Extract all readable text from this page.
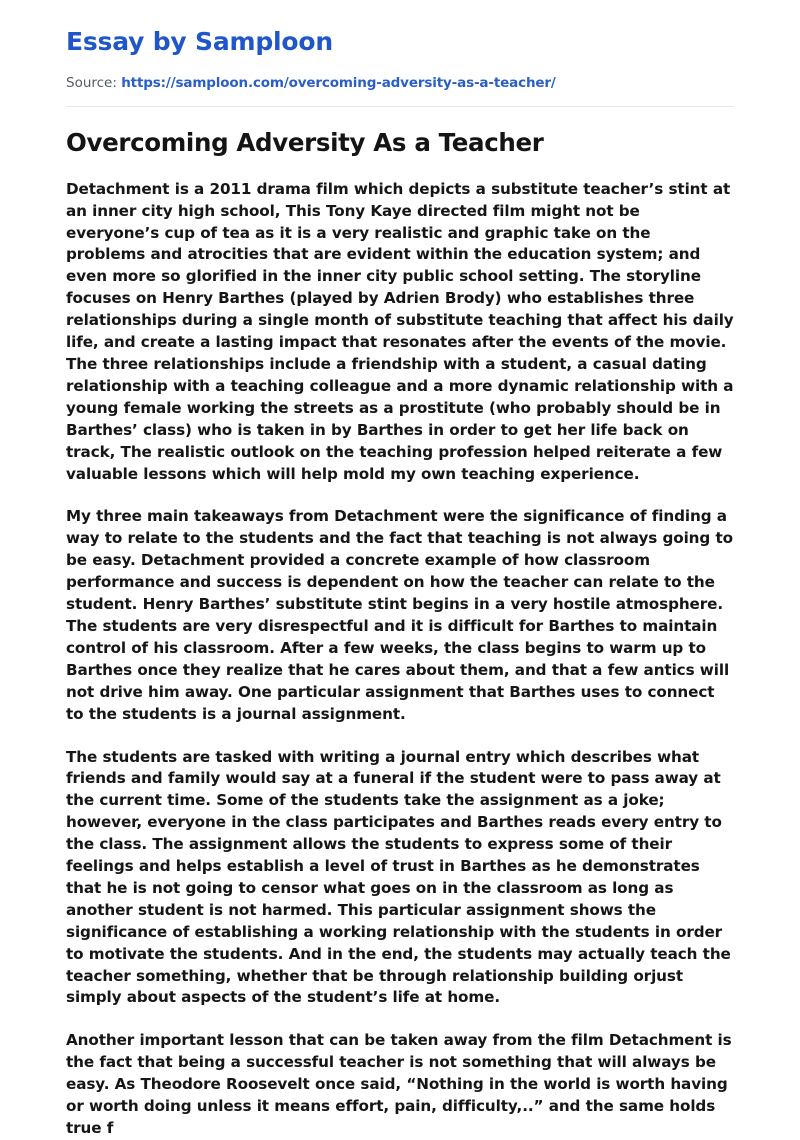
Essay by Samploon
Source: https://samploon.com/overcoming-adversity-as-a-teacher/
Overcoming Adversity As a Teacher

Detachment is a 2011 drama film which depicts a substitute teacher’s stint at an inner city high school, This Tony Kaye directed film might not be everyone’s cup of tea as it is a very realistic and graphic take on the problems and atrocities that are evident within the education system; and even more so glorified in the inner city public school setting. The storyline focuses on Henry Barthes (played by Adrien Brody) who establishes three relationships during a single month of substitute teaching that affect his daily life, and create a lasting impact that resonates after the events of the movie. The three relationships include a friendship with a student, a casual dating relationship with a teaching colleague and a more dynamic relationship with a young female working the streets as a prostitute (who probably should be in Barthes’ class) who is taken in by Barthes in order to get her life back on track, The realistic outlook on the teaching profession helped reiterate a few valuable lessons which will help mold my own teaching experience.

My three main takeaways from Detachment were the significance of finding a way to relate to the students and the fact that teaching is not always going to be easy. Detachment provided a concrete example of how classroom performance and success is dependent on how the teacher can relate to the student. Henry Barthes’ substitute stint begins in a very hostile atmosphere. The students are very disrespectful and it is difficult for Barthes to maintain control of his classroom. After a few weeks, the class begins to warm up to Barthes once they realize that he cares about them, and that a few antics will not drive him away. One particular assignment that Barthes uses to connect to the students is a journal assignment.

The students are tasked with writing a journal entry which describes what friends and family would say at a funeral if the student were to pass away at the current time. Some of the students take the assignment as a joke; however, everyone in the class participates and Barthes reads every entry to the class. The assignment allows the students to express some of their feelings and helps establish a level of trust in Barthes as he demonstrates that he is not going to censor what goes on in the classroom as long as another student is not harmed. This particular assignment shows the significance of establishing a working relationship with the students in order to motivate the students. And in the end, the students may actually teach the teacher something, whether that be through relationship building orjust simply about aspects of the student’s life at home.

Another important lesson that can be taken away from the film Detachment is the fact that being a successful teacher is not something that will always be easy. As Theodore Roosevelt once said, “Nothing in the world is worth having or worth doing unless it means effort, pain, difficulty,..” and the same holds true f
